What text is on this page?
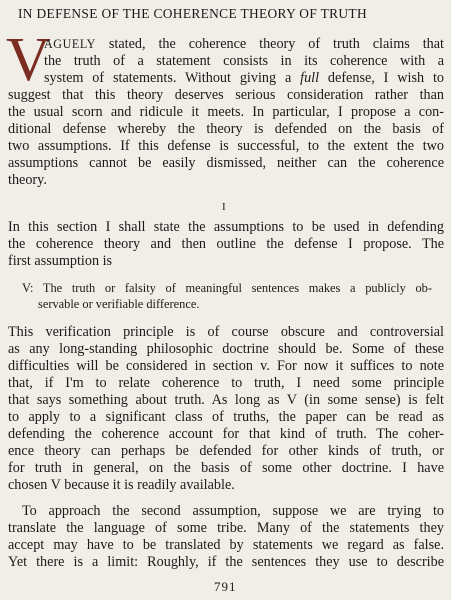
IN DEFENSE OF THE COHERENCE THEORY OF TRUTH
V
AGUELY stated, the coherence theory of truth claims that
the truth of a statement consists in its coherence with a
system of statements. Without giving a full defense, I wish to
suggest that this theory deserves serious consideration rather than
the usual scorn and ridicule it meets. In particular, I propose a con-
ditional defense whereby the theory is defended on the basis of
two assumptions. If this defense is successful, to the extent the two
assumptions cannot be easily dismissed, neither can the coherence
theory.
I
In this section I shall state the assumptions to be used in defending
the coherence theory and then outline the defense I propose. The
first assumption is
V: The truth or falsity of meaningful sentences makes a publicly ob-
servable or verifiable difference.
This verification principle is of course obscure and controversial
as any long-standing philosophic doctrine should be. Some of these
difficulties will be considered in section v. For now it suffices to note
that, if I'm to relate coherence to truth, I need some principle
that says something about truth. As long as V (in some sense) is felt
to apply to a significant class of truths, the paper can be read as
defending the coherence account for that kind of truth. The coher-
ence theory can perhaps be defended for other kinds of truth, or
for truth in general, on the basis of some other doctrine. I have
chosen V because it is readily available.
To approach the second assumption, suppose we are trying to
translate the language of some tribe. Many of the statements they
accept may have to be translated by statements we regard as false.
Yet there is a limit: Roughly, if the sentences they use to describe
791
